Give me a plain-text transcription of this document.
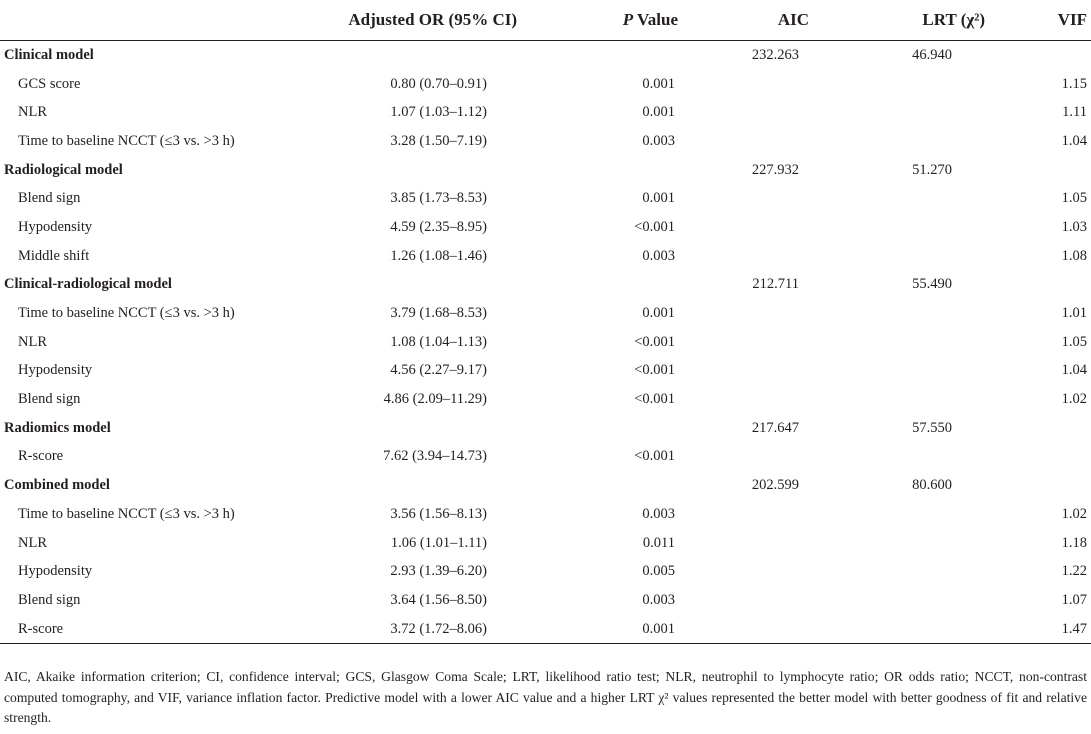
	Adjusted OR (95% CI)	P Value	AIC	LRT (χ²)	VIF
Clinical model			232.263	46.940	
GCS score	0.80 (0.70–0.91)	0.001			1.15
NLR	1.07 (1.03–1.12)	0.001			1.11
Time to baseline NCCT (≤3 vs. >3 h)	3.28 (1.50–7.19)	0.003			1.04
Radiological model			227.932	51.270	
Blend sign	3.85 (1.73–8.53)	0.001			1.05
Hypodensity	4.59 (2.35–8.95)	<0.001			1.03
Middle shift	1.26 (1.08–1.46)	0.003			1.08
Clinical-radiological model			212.711	55.490	
Time to baseline NCCT (≤3 vs. >3 h)	3.79 (1.68–8.53)	0.001			1.01
NLR	1.08 (1.04–1.13)	<0.001			1.05
Hypodensity	4.56 (2.27–9.17)	<0.001			1.04
Blend sign	4.86 (2.09–11.29)	<0.001			1.02
Radiomics model			217.647	57.550	
R-score	7.62 (3.94–14.73)	<0.001			
Combined model			202.599	80.600	
Time to baseline NCCT (≤3 vs. >3 h)	3.56 (1.56–8.13)	0.003			1.02
NLR	1.06 (1.01–1.11)	0.011			1.18
Hypodensity	2.93 (1.39–6.20)	0.005			1.22
Blend sign	3.64 (1.56–8.50)	0.003			1.07
R-score	3.72 (1.72–8.06)	0.001			1.47
AIC, Akaike information criterion; CI, confidence interval; GCS, Glasgow Coma Scale; LRT, likelihood ratio test; NLR, neutrophil to lymphocyte ratio; OR odds ratio; NCCT, non-contrast computed tomography, and VIF, variance inflation factor. Predictive model with a lower AIC value and a higher LRT χ² values represented the better model with better goodness of fit and relative strength.
